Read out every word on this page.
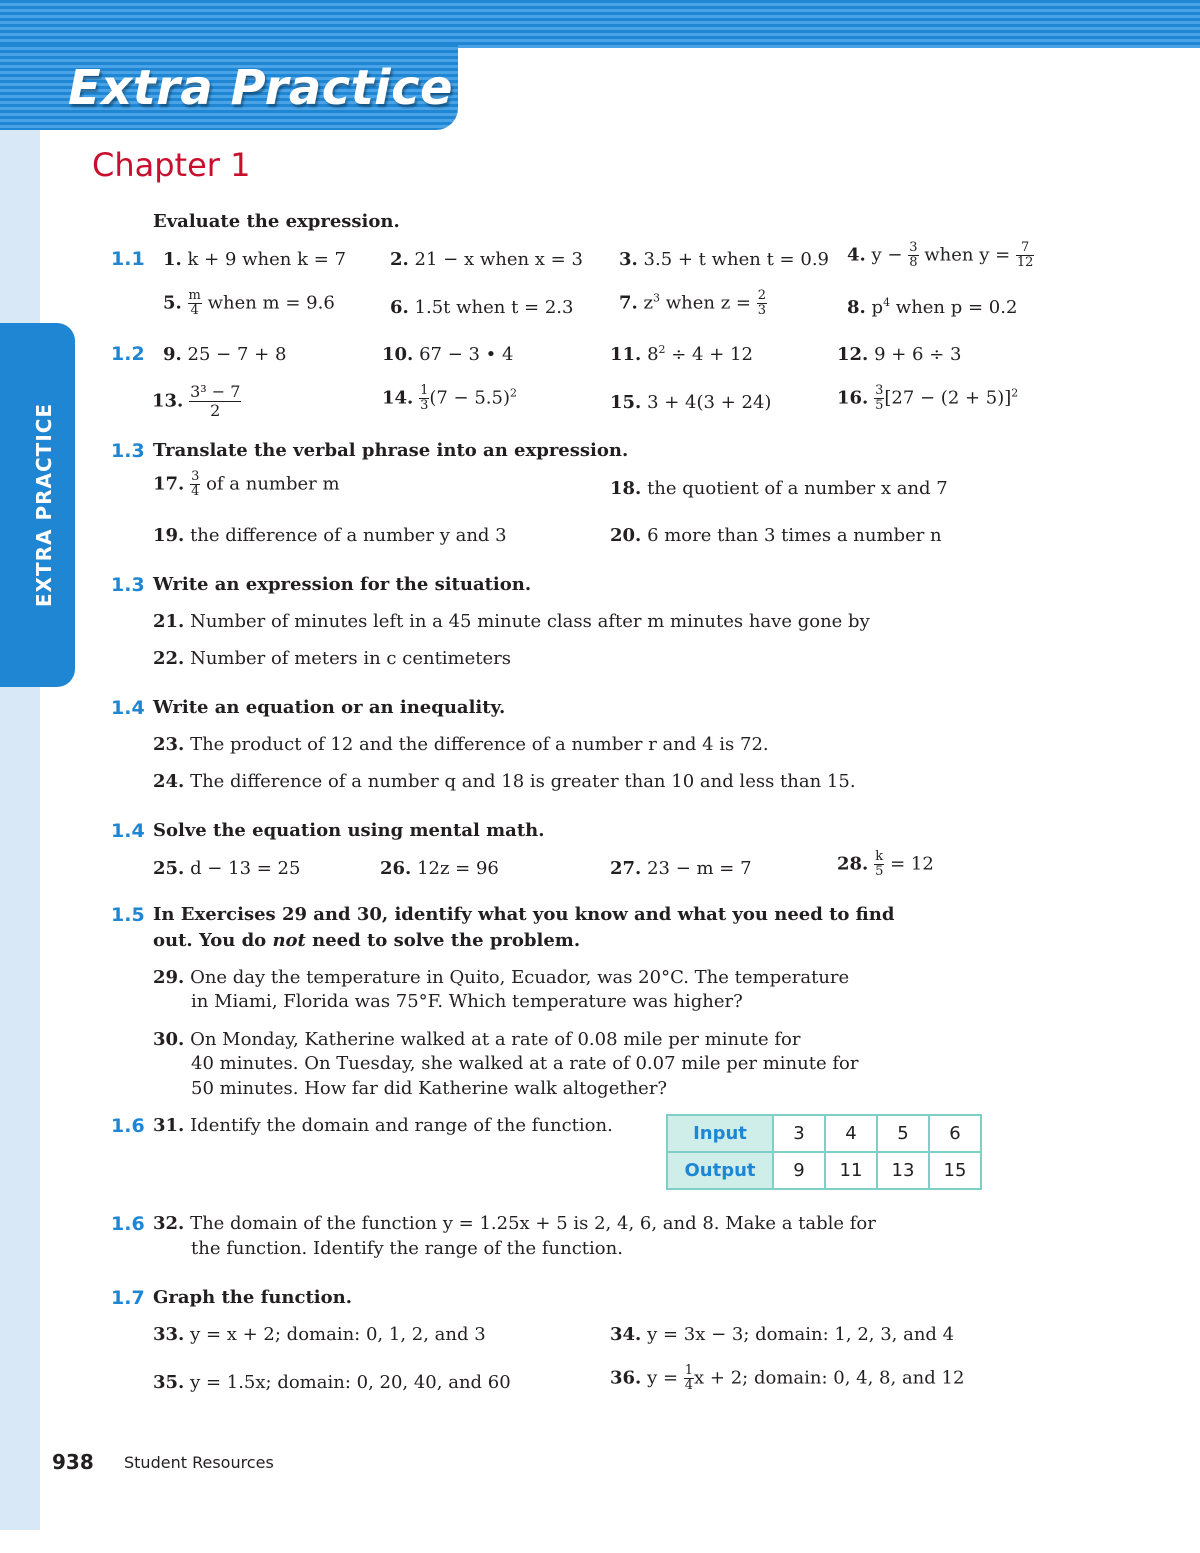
Extra Practice
EXTRA PRACTICE
Chapter 1
Evaluate the expression.
1.1 1. k + 9 when k = 7 2. 21 − x when x = 3 3. 3.5 + t when t = 0.9 4. $y - \frac{3}{8}$ when $y = \frac{7}{12}$
5. $\frac{m}{4}$ when m = 9.6	6. 1.5t when t = 2.3	7. $z^3$ when $z = \frac{2}{3}$	8. $p^4$ when p = 0.2
1.2 9. 25 − 7 + 8	10. 67 − 3 • 4	11. $8^2 \div 4 + 12$	12. 9 + 6 ÷ 3
13. $\frac{\text{3³ − 7}}{2}$	14. $\frac{1}{3} (7 - 5.5)^2$	15. 3 + 4(3 + 24)	16. $\frac{3}{5} [27 - (2 + 5)]^2$
1.3 Translate the verbal phrase into an expression.
17. $\frac{3}{4}$ of a number m	18. the quotient of a number x and 7
19. the difference of a number y and 3	20. 6 more than 3 times a number n
1.3 Write an expression for the situation.
21. Number of minutes left in a 45 minute class after m minutes have gone by
22. Number of meters in c centimeters
1.4 Write an equation or an inequality.
23. The product of 12 and the difference of a number r and 4 is 72.
24. The difference of a number q and 18 is greater than 10 and less than 15.
1.4 Solve the equation using mental math.
25. d − 13 = 25	26. 12z = 96	27. 23 − m = 7	28. $\frac{k}{5} = 12$
1.5 In Exercises 29 and 30, identify what you know and what you need to find
out. You do not need to solve the problem.
29. One day the temperature in Quito, Ecuador, was 20°C. The temperature
in Miami, Florida was 75°F. Which temperature was higher?
30. On Monday, Katherine walked at a rate of 0.08 mile per minute for
40 minutes. On Tuesday, she walked at a rate of 0.07 mile per minute for
50 minutes. How far did Katherine walk altogether?
1.6 31. Identify the domain and range of the function.	Input	3	4	5	6
Output	9	11	13	15
1.6 32. The domain of the function y = 1.25x + 5 is 2, 4, 6, and 8. Make a table for
the function. Identify the range of the function.
1.7 Graph the function.
33. y = x + 2; domain: 0, 1, 2, and 3	34. y = 3x − 3; domain: 1, 2, 3, and 4
35. y = 1.5x; domain: 0, 20, 40, and 60	36. $y = \frac{1}{4}$ x + 2; domain: 0, 4, 8, and 12
938 Student Resources
